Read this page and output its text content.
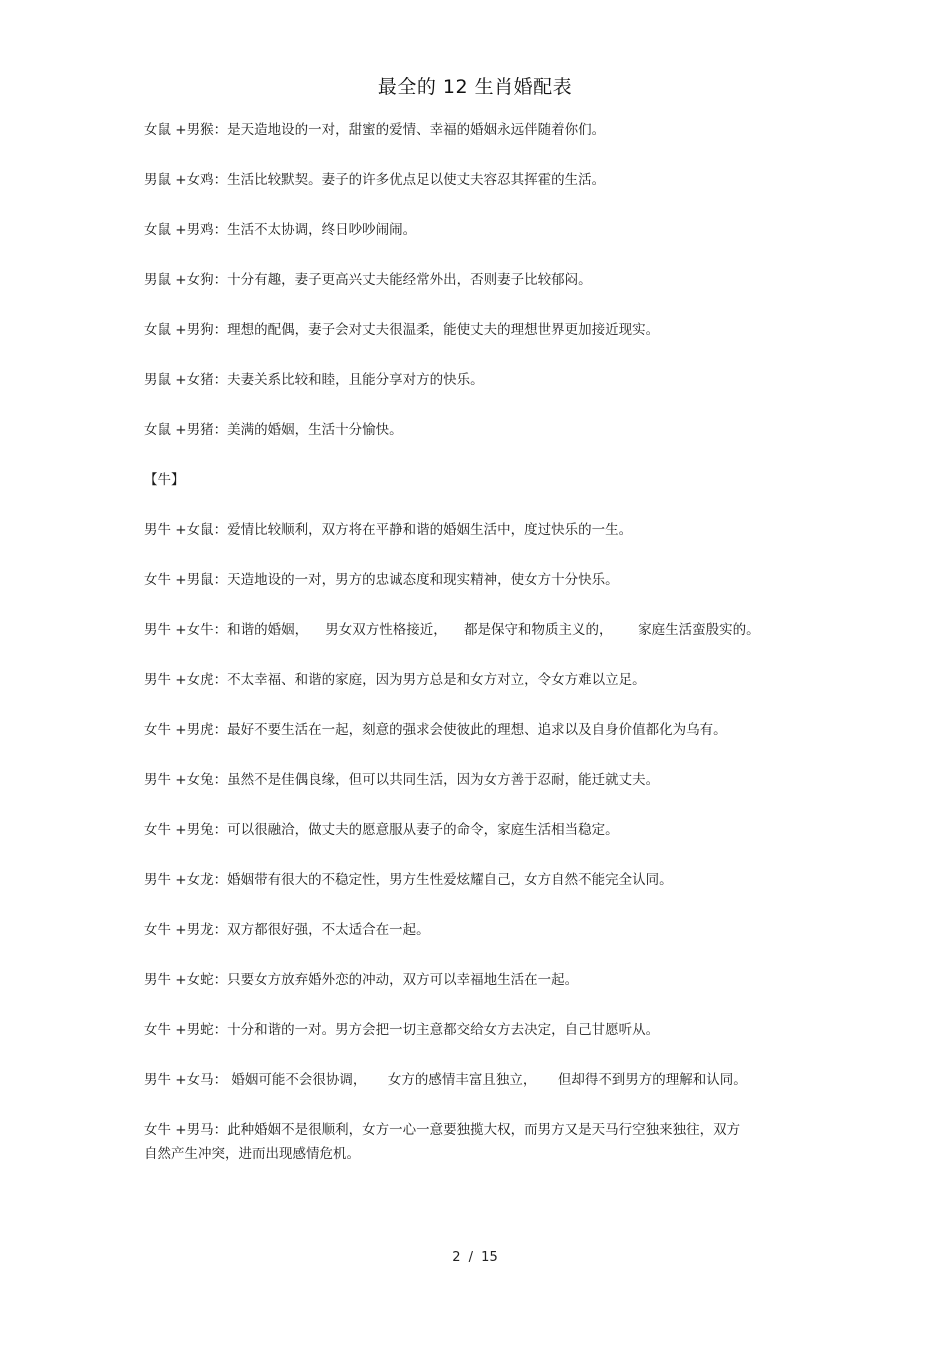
最全的 12 生肖婚配表

女鼠 +男猴：是天造地设的一对，甜蜜的爱情、幸福的婚姻永远伴随着你们。

男鼠 +女鸡：生活比较默契。妻子的许多优点足以使丈夫容忍其挥霍的生活。

女鼠 +男鸡：生活不太协调，终日吵吵闹闹。

男鼠 +女狗：十分有趣，妻子更高兴丈夫能经常外出，否则妻子比较郁闷。

女鼠 +男狗：理想的配偶，妻子会对丈夫很温柔，能使丈夫的理想世界更加接近现实。

男鼠 +女猪：夫妻关系比较和睦，且能分享对方的快乐。

女鼠 +男猪：美满的婚姻，生活十分愉快。

【牛】

男牛 +女鼠：爱情比较顺利，双方将在平静和谐的婚姻生活中，度过快乐的一生。

女牛 +男鼠：天造地设的一对，男方的忠诚态度和现实精神，使女方十分快乐。

男牛 +女牛：和谐的婚姻，    男女双方性格接近，    都是保守和物质主义的，      家庭生活蛮殷实的。

男牛 +女虎：不太幸福、和谐的家庭，因为男方总是和女方对立，令女方难以立足。

女牛 +男虎：最好不要生活在一起，刻意的强求会使彼此的理想、追求以及自身价值都化为乌有。

男牛 +女兔：虽然不是佳偶良缘，但可以共同生活，因为女方善于忍耐，能迁就丈夫。

女牛 +男兔：可以很融洽，做丈夫的愿意服从妻子的命令，家庭生活相当稳定。

男牛 +女龙：婚姻带有很大的不稳定性，男方生性爱炫耀自己，女方自然不能完全认同。

女牛 +男龙：双方都很好强，不太适合在一起。

男牛 +女蛇：只要女方放弃婚外恋的冲动，双方可以幸福地生活在一起。

女牛 +男蛇：十分和谐的一对。男方会把一切主意都交给女方去决定，自己甘愿听从。

男牛 +女马： 婚姻可能不会很协调，     女方的感情丰富且独立，     但却得不到男方的理解和认同。

女牛 +男马：此种婚姻不是很顺利，女方一心一意要独揽大权，而男方又是天马行空独来独往，双方自然产生冲突，进而出现感情危机。

2 / 15
